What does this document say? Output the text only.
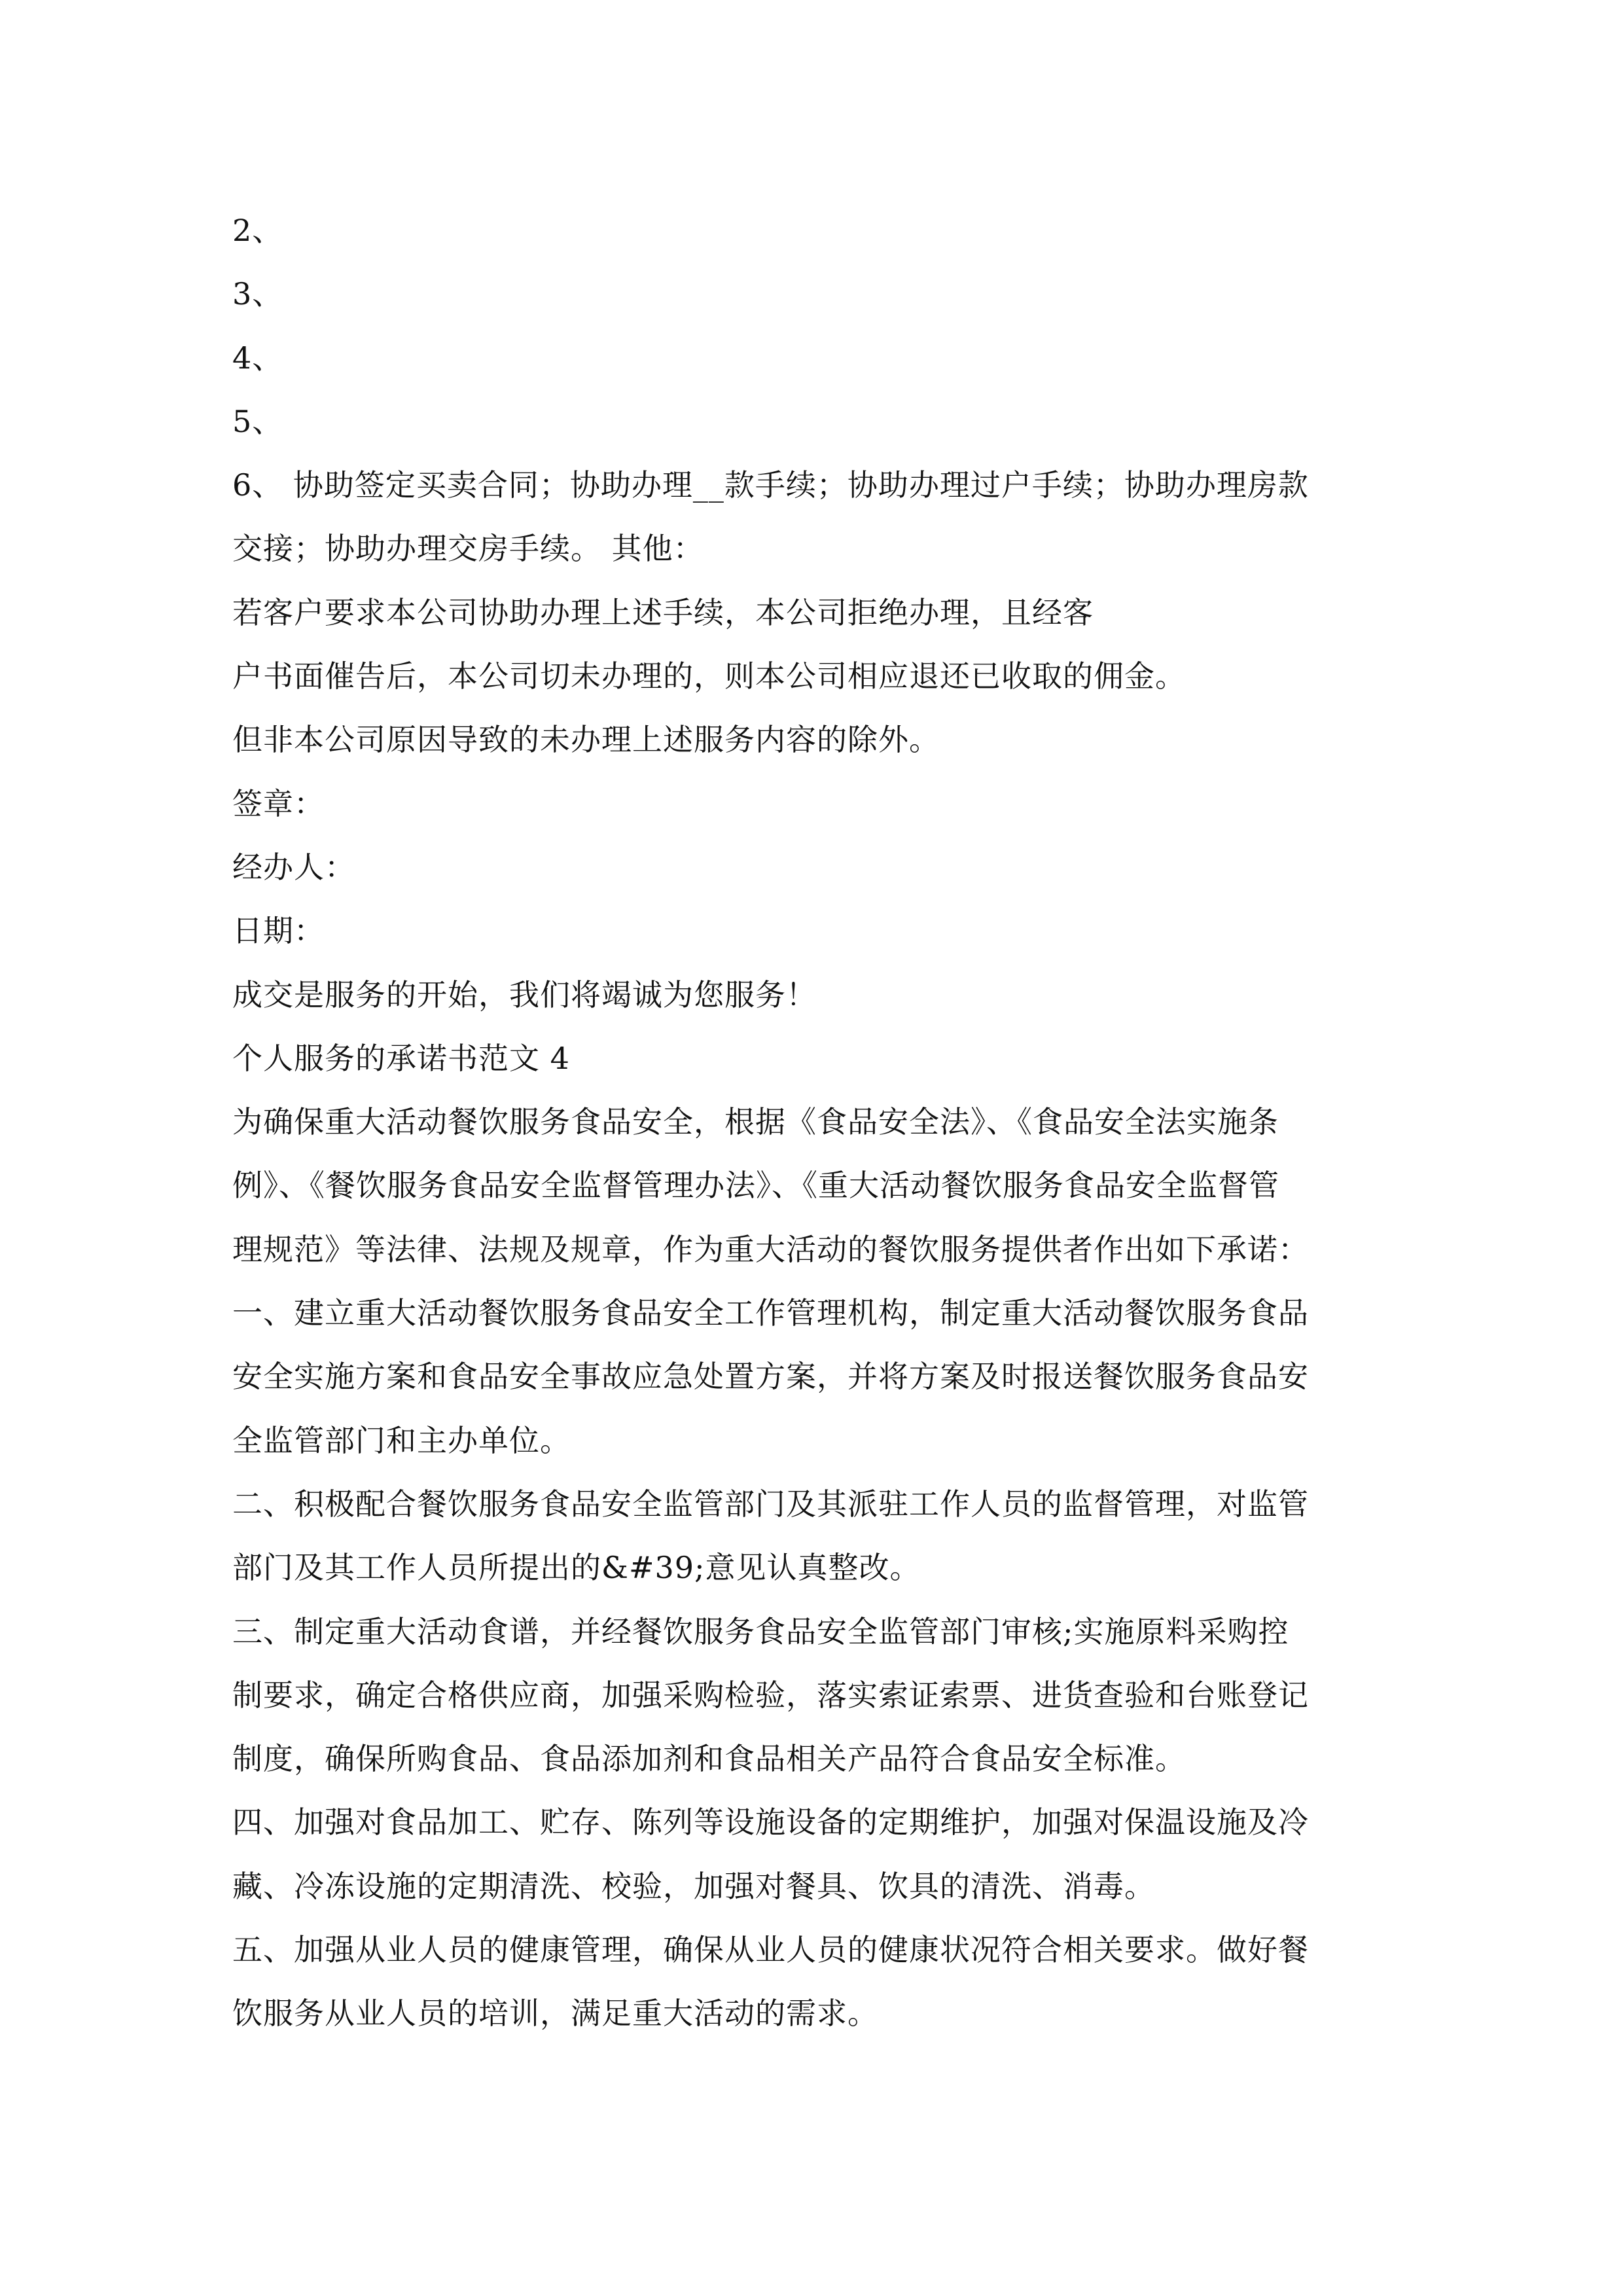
2、
3、
4、
5、
6、 协助签定买卖合同；协助办理__款手续；协助办理过户手续；协助办理房款
交接；协助办理交房手续。 其他：
若客户要求本公司协助办理上述手续，本公司拒绝办理，且经客
户书面催告后，本公司切未办理的，则本公司相应退还已收取的佣金。
但非本公司原因导致的未办理上述服务内容的除外。
签章：
经办人：
日期：
成交是服务的开始，我们将竭诚为您服务！
个人服务的承诺书范文 4
为确保重大活动餐饮服务食品安全，根据《食品安全法》、《食品安全法实施条
例》、《餐饮服务食品安全监督管理办法》、《重大活动餐饮服务食品安全监督管
理规范》等法律、法规及规章，作为重大活动的餐饮服务提供者作出如下承诺：
一、建立重大活动餐饮服务食品安全工作管理机构，制定重大活动餐饮服务食品
安全实施方案和食品安全事故应急处置方案，并将方案及时报送餐饮服务食品安
全监管部门和主办单位。
二、积极配合餐饮服务食品安全监管部门及其派驻工作人员的监督管理，对监管
部门及其工作人员所提出的&#39;意见认真整改。
三、制定重大活动食谱，并经餐饮服务食品安全监管部门审核;实施原料采购控
制要求，确定合格供应商，加强采购检验，落实索证索票、进货查验和台账登记
制度，确保所购食品、食品添加剂和食品相关产品符合食品安全标准。
四、加强对食品加工、贮存、陈列等设施设备的定期维护，加强对保温设施及冷
藏、冷冻设施的定期清洗、校验，加强对餐具、饮具的清洗、消毒。
五、加强从业人员的健康管理，确保从业人员的健康状况符合相关要求。做好餐
饮服务从业人员的培训，满足重大活动的需求。
